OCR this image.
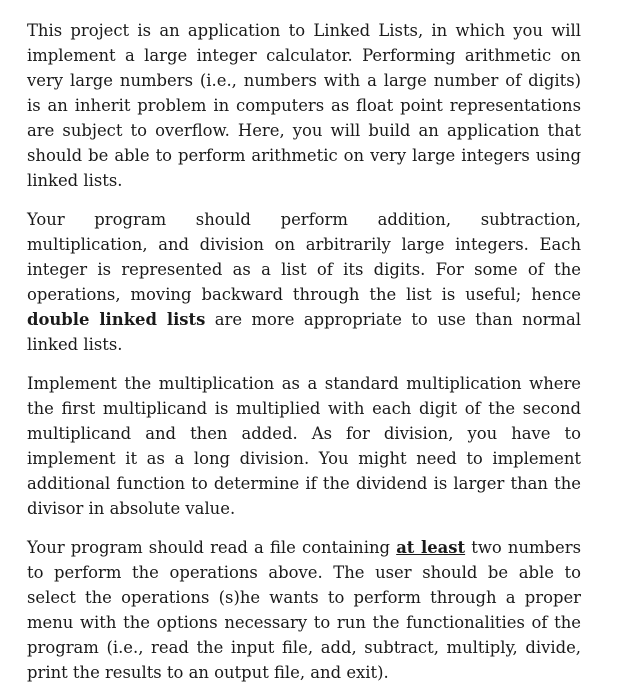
This project is an application to Linked Lists, in which you will implement a large integer calculator. Performing arithmetic on very large numbers (i.e., numbers with a large number of digits) is an inherit problem in computers as float point representations are subject to overflow. Here, you will build an application that should be able to perform arithmetic on very large integers using linked lists.

Your program should perform addition, subtraction, multiplication, and division on arbitrarily large integers. Each integer is represented as a list of its digits. For some of the operations, moving backward through the list is useful; hence double linked lists are more appropriate to use than normal linked lists.

Implement the multiplication as a standard multiplication where the first multiplicand is multiplied with each digit of the second multiplicand and then added. As for division, you have to implement it as a long division. You might need to implement additional function to determine if the dividend is larger than the divisor in absolute value.

Your program should read a file containing at least two numbers to perform the operations above. The user should be able to select the operations (s)he wants to perform through a proper menu with the options necessary to run the functionalities of the program (i.e., read the input file, add, subtract, multiply, divide, print the results to an output file, and exit).
